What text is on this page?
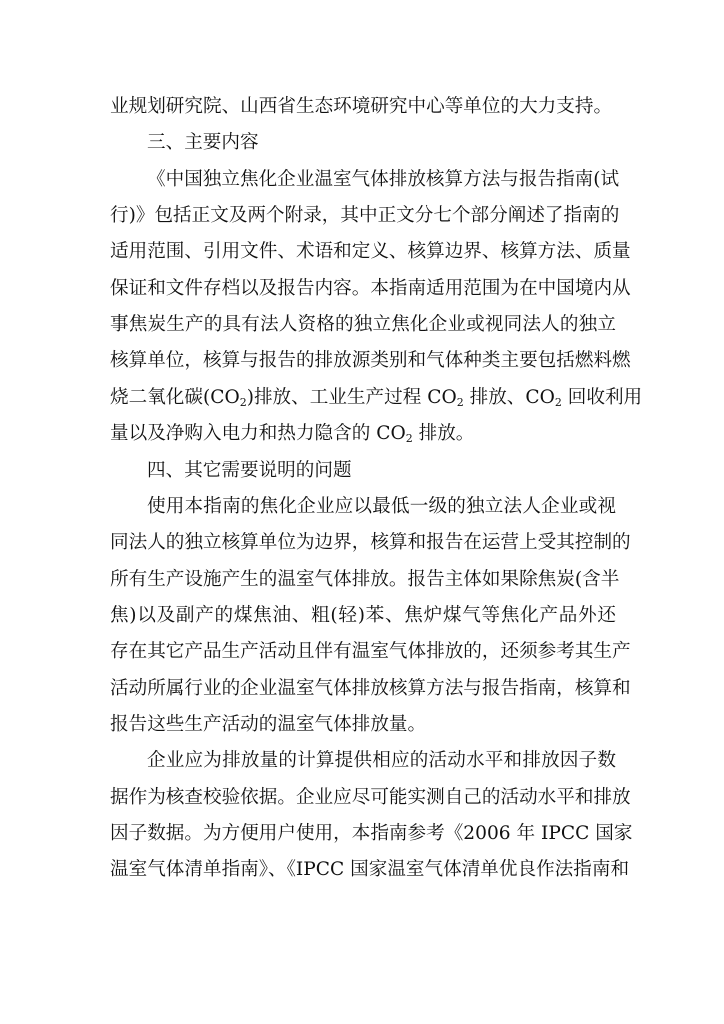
业规划研究院、山西省生态环境研究中心等单位的大力支持。
三、主要内容
《中国独立焦化企业温室气体排放核算方法与报告指南(试
行)》包括正文及两个附录，其中正文分七个部分阐述了指南的
适用范围、引用文件、术语和定义、核算边界、核算方法、质量
保证和文件存档以及报告内容。本指南适用范围为在中国境内从
事焦炭生产的具有法人资格的独立焦化企业或视同法人的独立
核算单位，核算与报告的排放源类别和气体种类主要包括燃料燃
烧二氧化碳$(CO_2)$排放、工业生产过程 $CO_2$ 排放、$CO_2$ 回收利用
量以及净购入电力和热力隐含的 $CO_2$ 排放。
四、其它需要说明的问题
使用本指南的焦化企业应以最低一级的独立法人企业或视
同法人的独立核算单位为边界，核算和报告在运营上受其控制的
所有生产设施产生的温室气体排放。报告主体如果除焦炭(含半
焦)以及副产的煤焦油、粗(轻)苯、焦炉煤气等焦化产品外还
存在其它产品生产活动且伴有温室气体排放的，还须参考其生产
活动所属行业的企业温室气体排放核算方法与报告指南，核算和
报告这些生产活动的温室气体排放量。
企业应为排放量的计算提供相应的活动水平和排放因子数
据作为核查校验依据。企业应尽可能实测自己的活动水平和排放
因子数据。为方便用户使用，本指南参考《2006 年 IPCC 国家
温室气体清单指南》、《IPCC 国家温室气体清单优良作法指南和
